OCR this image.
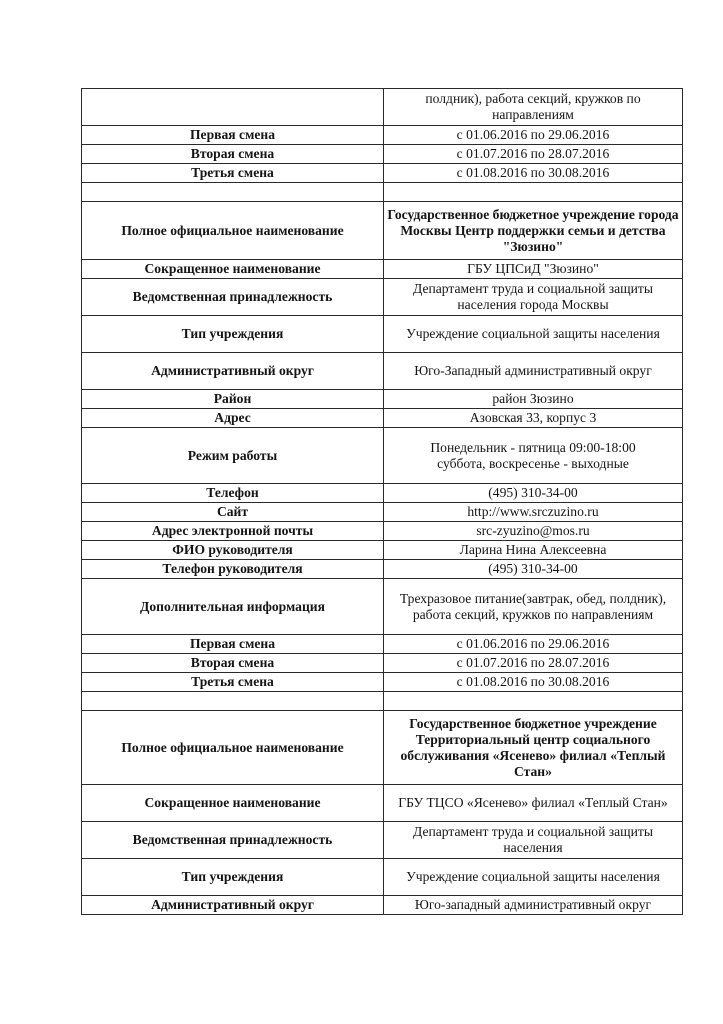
	полдник), работа секций, кружков по направлениям
Первая смена	с 01.06.2016 по 29.06.2016
Вторая смена	с 01.07.2016 по 28.07.2016
Третья смена	с 01.08.2016 по 30.08.2016

Полное официальное наименование	Государственное бюджетное учреждение города Москвы Центр поддержки семьи и детства "Зюзино"
Сокращенное наименование	ГБУ ЦПСиД "Зюзино"
Ведомственная принадлежность	Департамент труда и социальной защиты населения города Москвы
Тип учреждения	Учреждение социальной защиты населения
Административный округ	Юго-Западный административный округ
Район	район Зюзино
Адрес	Азовская 33, корпус 3
Режим работы	Понедельник - пятница 09:00-18:00
суббота, воскресенье - выходные

Телефон	(495) 310-34-00
Сайт	http://www.srczuzino.ru
Адрес электронной почты	src-zyuzino@mos.ru
ФИО руководителя	Ларина Нина Алексеевна
Телефон руководителя	(495) 310-34-00
Дополнительная информация	Трехразовое питание(завтрак, обед, полдник), работа секций, кружков по направлениям
Первая смена	с 01.06.2016 по 29.06.2016
Вторая смена	с 01.07.2016 по 28.07.2016
Третья смена	с 01.08.2016 по 30.08.2016

Полное официальное наименование	Государственное бюджетное учреждение Территориальный центр социального обслуживания «Ясенево» филиал «Теплый Стан»
Сокращенное наименование	ГБУ ТЦСО «Ясенево» филиал «Теплый Стан»
Ведомственная принадлежность	Департамент труда и социальной защиты населения
Тип учреждения	Учреждение социальной защиты населения
Административный округ	Юго-западный административный округ
